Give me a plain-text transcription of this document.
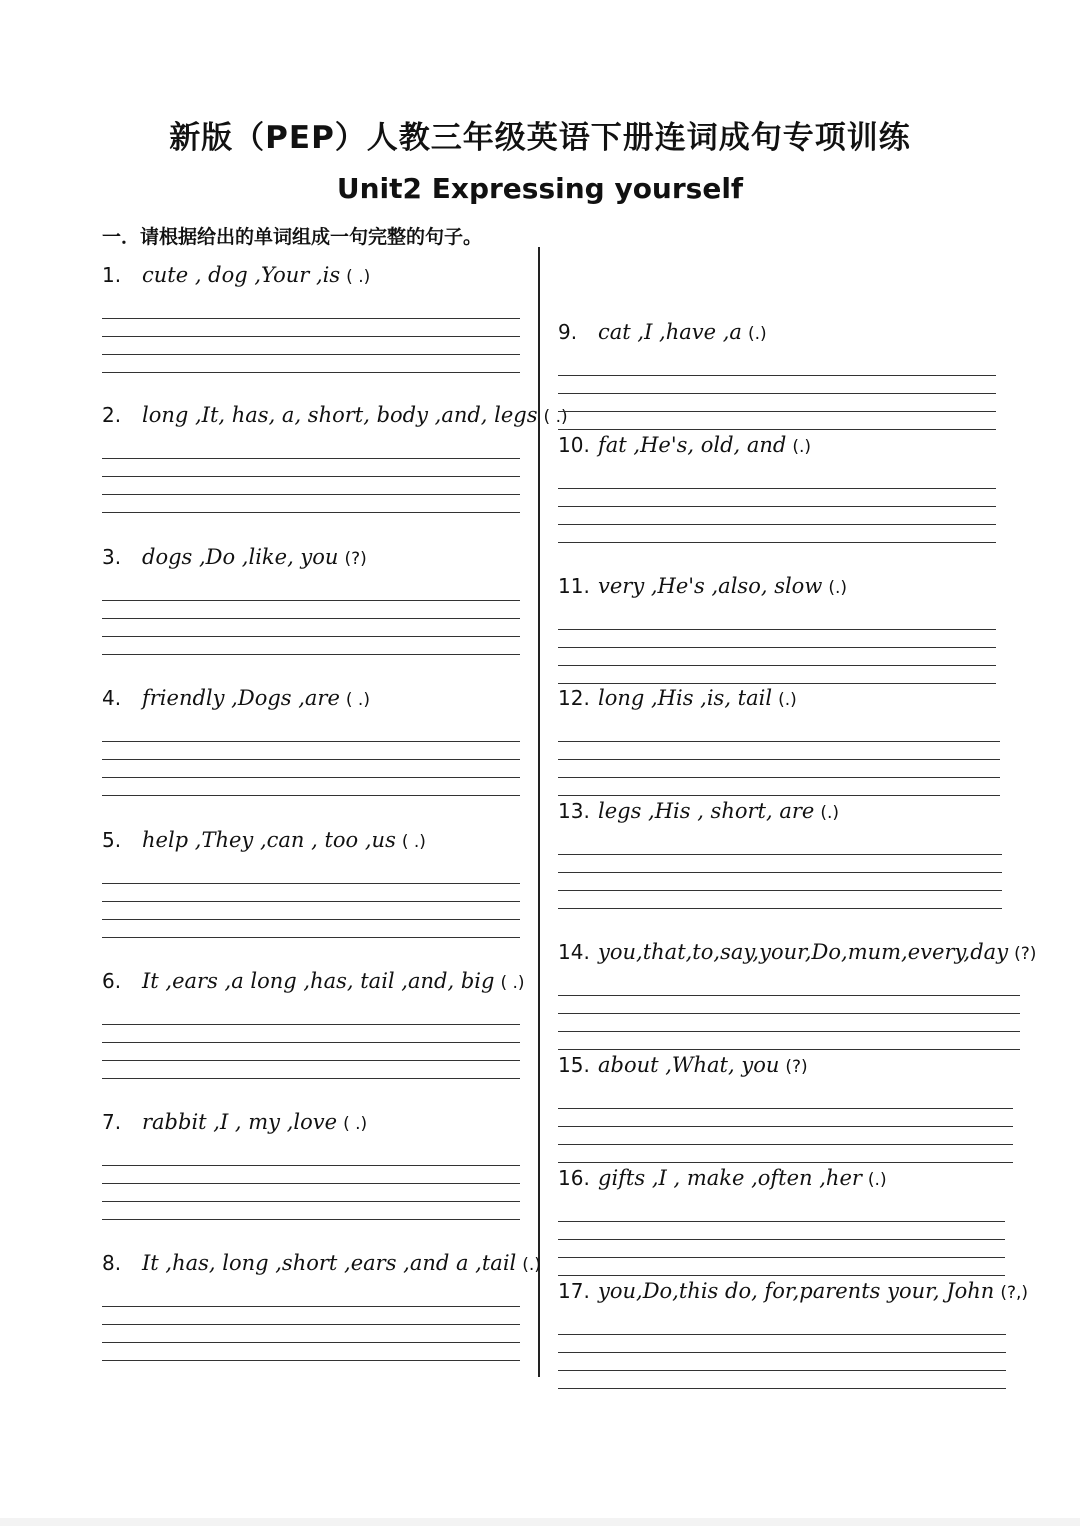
新版（PEP）人教三年级英语下册连词成句专项训练
Unit2 Expressing yourself

一．请根据给出的单词组成一句完整的句子。

1. cute , dog ,Your ,is ( .)
2. long ,It, has, a, short, body ,and, legs ( .)
3. dogs ,Do ,like, you (?)
4. friendly ,Dogs ,are ( .)
5. help ,They ,can , too ,us ( .)
6. It ,ears ,a long ,has, tail ,and, big ( .)
7. rabbit ,I , my ,love ( .)
8. It ,has, long ,short ,ears ,and a ,tail (.)
9. cat ,I ,have ,a (.)
10. fat ,He's, old, and (.)
11. very ,He's ,also, slow (.)
12. long ,His ,is, tail (.)
13. legs ,His , short, are (.)
14. you,that,to,say,your,Do,mum,every,day (?)
15. about ,What, you (?)
16. gifts ,I , make ,often ,her (.)
17. you,Do,this do, for,parents your, John (?,)
